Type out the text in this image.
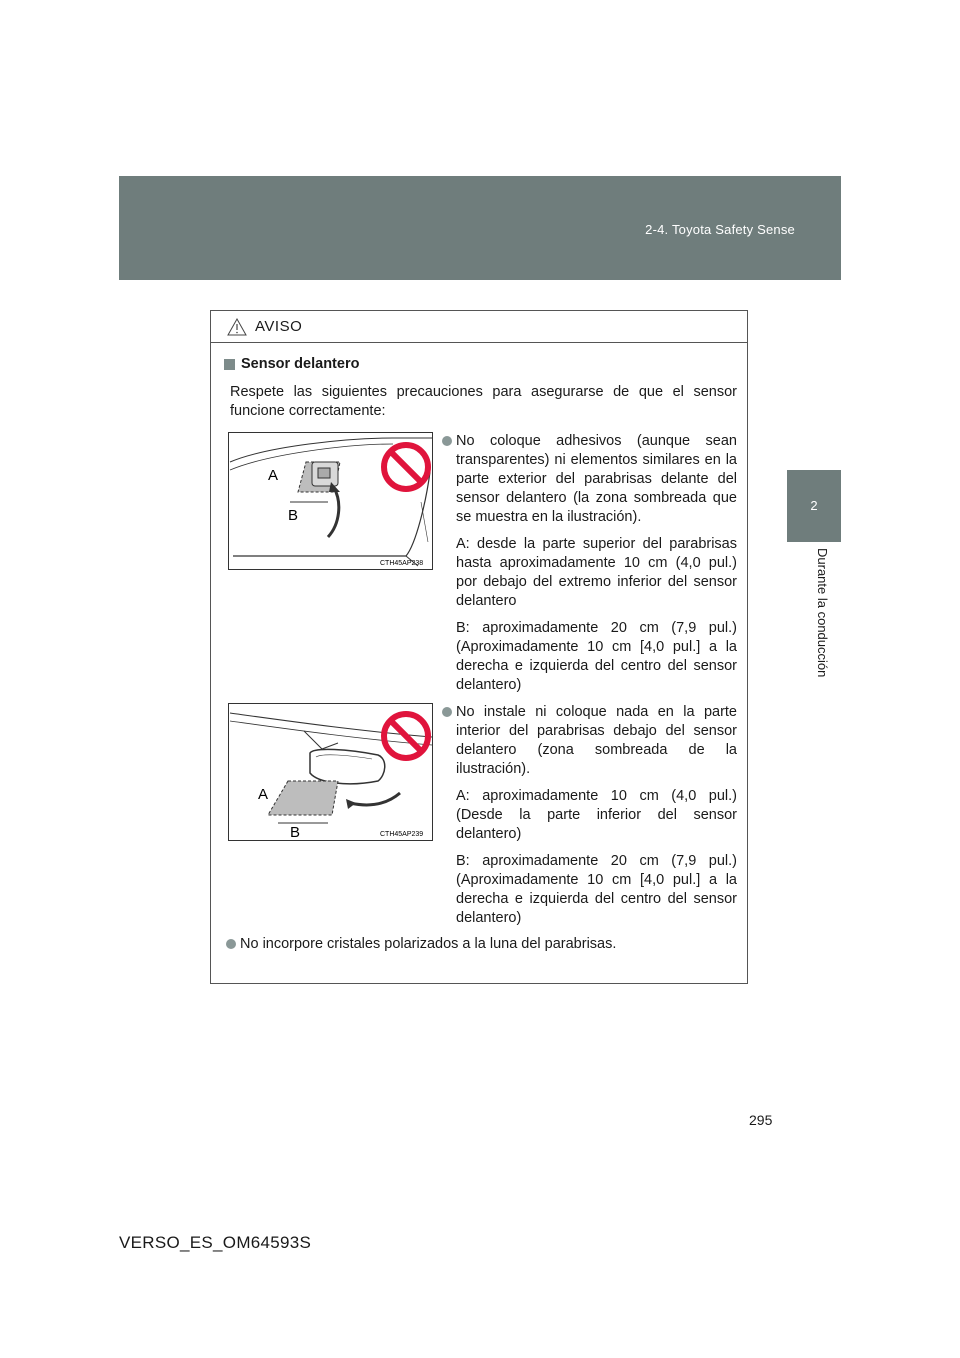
2-4. Toyota Safety Sense
2
Durante la conducción
AVISO
Sensor delantero
Respete las siguientes precauciones para asegurarse de que el sensor funcione correctamente:
A
B
CTH45AP238
No coloque adhesivos (aunque sean transparentes) ni elementos similares en la parte exterior del parabrisas delante del sensor delantero (la zona sombreada que se muestra en la ilustración).
A: desde la parte superior del parabrisas hasta aproximadamente 10 cm (4,0 pul.) por debajo del extremo inferior del sensor delantero
B: aproximadamente 20 cm (7,9 pul.) (Aproximadamente 10 cm [4,0 pul.] a la derecha e izquierda del centro del sensor delantero)
A
B	CTH45AP239
No instale ni coloque nada en la parte interior del parabrisas debajo del sensor delantero (zona sombreada de la ilustración).
A: aproximadamente 10 cm (4,0 pul.) (Desde la parte inferior del sensor delantero)
B: aproximadamente 20 cm (7,9 pul.) (Aproximadamente 10 cm [4,0 pul.] a la derecha e izquierda del centro del sensor delantero)
No incorpore cristales polarizados a la luna del parabrisas.
295
VERSO_ES_OM64593S
